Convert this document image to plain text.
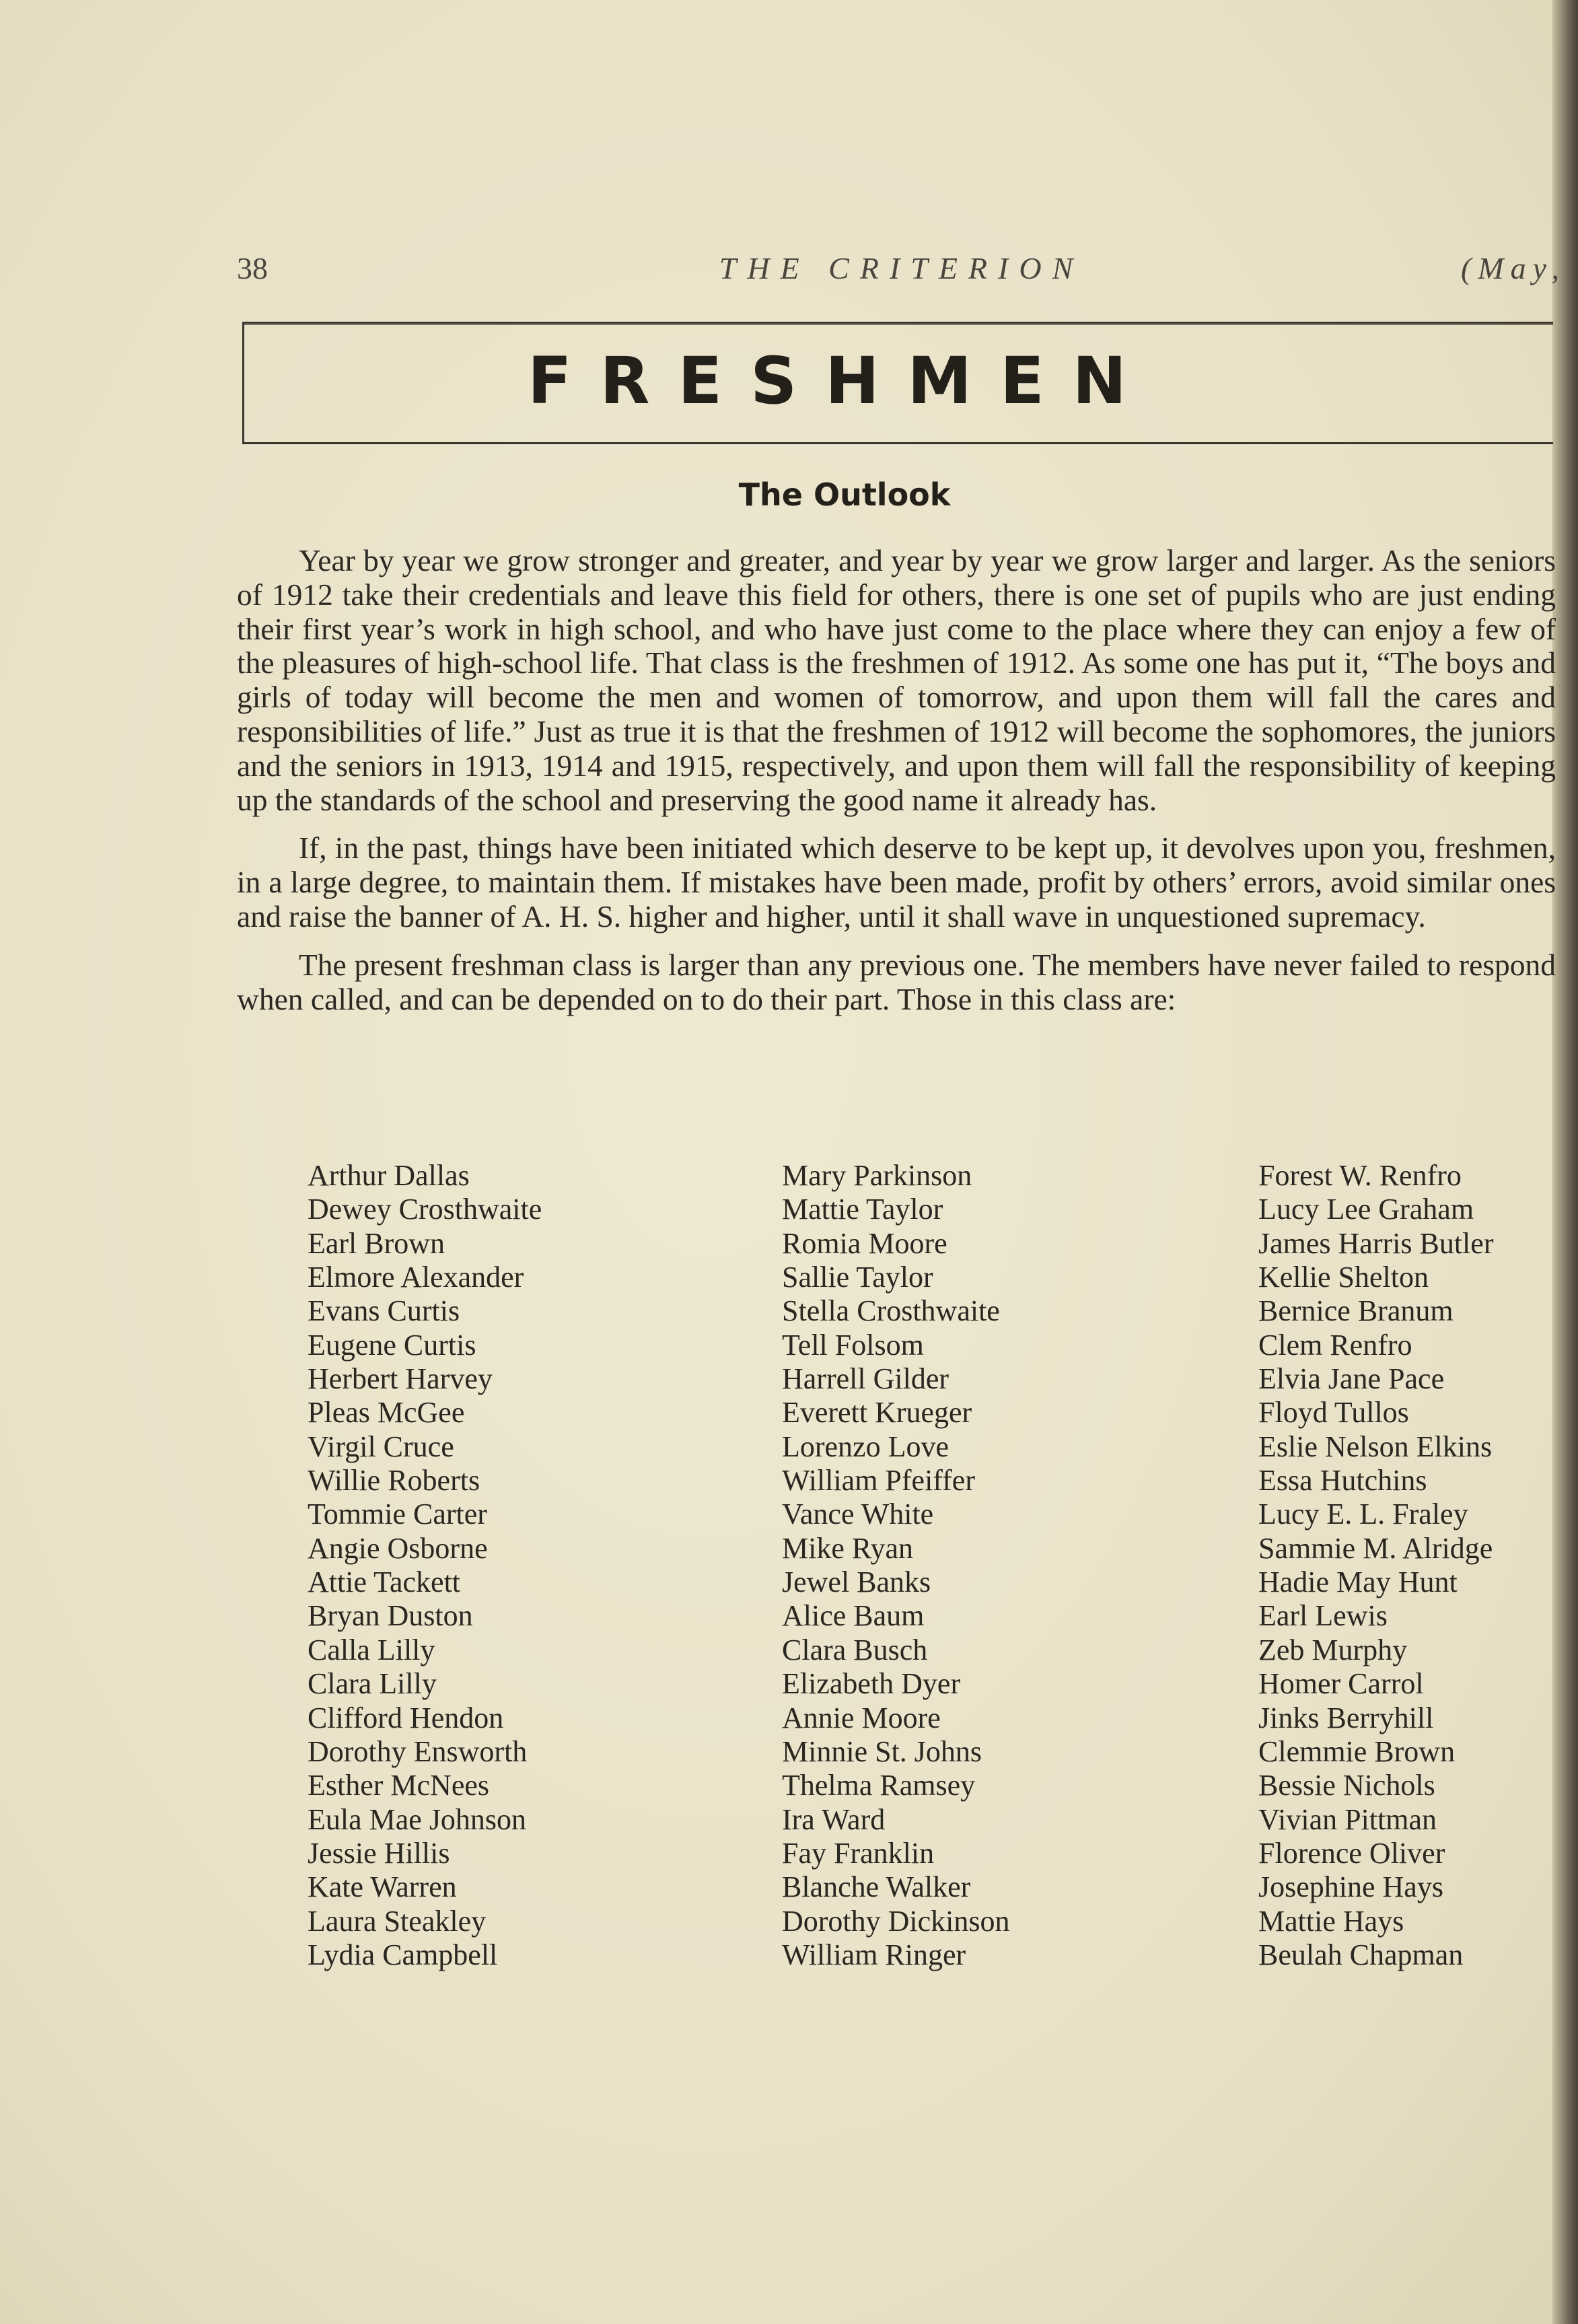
38	THE CRITERION	(May,
FRESHMEN
The Outlook

Year by year we grow stronger and greater, and year by year we grow larger and larger. As the seniors of 1912 take their credentials and leave this field for others, there is one set of pupils who are just ending their first year’s work in high school, and who have just come to the place where they can enjoy a few of the pleasures of high-school life. That class is the freshmen of 1912. As some one has put it, “The boys and girls of today will become the men and women of tomorrow, and upon them will fall the cares and responsibilities of life.” Just as true it is that the freshmen of 1912 will become the sophomores, the juniors and the seniors in 1913, 1914 and 1915, respectively, and upon them will fall the responsibility of keeping up the standards of the school and preserving the good name it already has.

If, in the past, things have been initiated which deserve to be kept up, it devolves upon you, freshmen, in a large degree, to maintain them. If mistakes have been made, profit by others’ errors, avoid similar ones and raise the banner of A. H. S. higher and higher, until it shall wave in unquestioned supremacy.

The present freshman class is larger than any previous one. The members have never failed to respond when called, and can be depended on to do their part. Those in this class are:

Arthur Dallas
Dewey Crosthwaite
Earl Brown
Elmore Alexander
Evans Curtis
Eugene Curtis
Herbert Harvey
Pleas McGee
Virgil Cruce
Willie Roberts
Tommie Carter
Angie Osborne
Attie Tackett
Bryan Duston
Calla Lilly
Clara Lilly
Clifford Hendon
Dorothy Ensworth
Esther McNees
Eula Mae Johnson
Jessie Hillis
Kate Warren
Laura Steakley
Lydia Campbell
Mary Parkinson
Mattie Taylor
Romia Moore
Sallie Taylor
Stella Crosthwaite
Tell Folsom
Harrell Gilder
Everett Krueger
Lorenzo Love
William Pfeiffer
Vance White
Mike Ryan
Jewel Banks
Alice Baum
Clara Busch
Elizabeth Dyer
Annie Moore
Minnie St. Johns
Thelma Ramsey
Ira Ward
Fay Franklin
Blanche Walker
Dorothy Dickinson
William Ringer
Forest W. Renfro
Lucy Lee Graham
James Harris Butler
Kellie Shelton
Bernice Branum
Clem Renfro
Elvia Jane Pace
Floyd Tullos
Eslie Nelson Elkins
Essa Hutchins
Lucy E. L. Fraley
Sammie M. Alridge
Hadie May Hunt
Earl Lewis
Zeb Murphy
Homer Carrol
Jinks Berryhill
Clemmie Brown
Bessie Nichols
Vivian Pittman
Florence Oliver
Josephine Hays
Mattie Hays
Beulah Chapman
